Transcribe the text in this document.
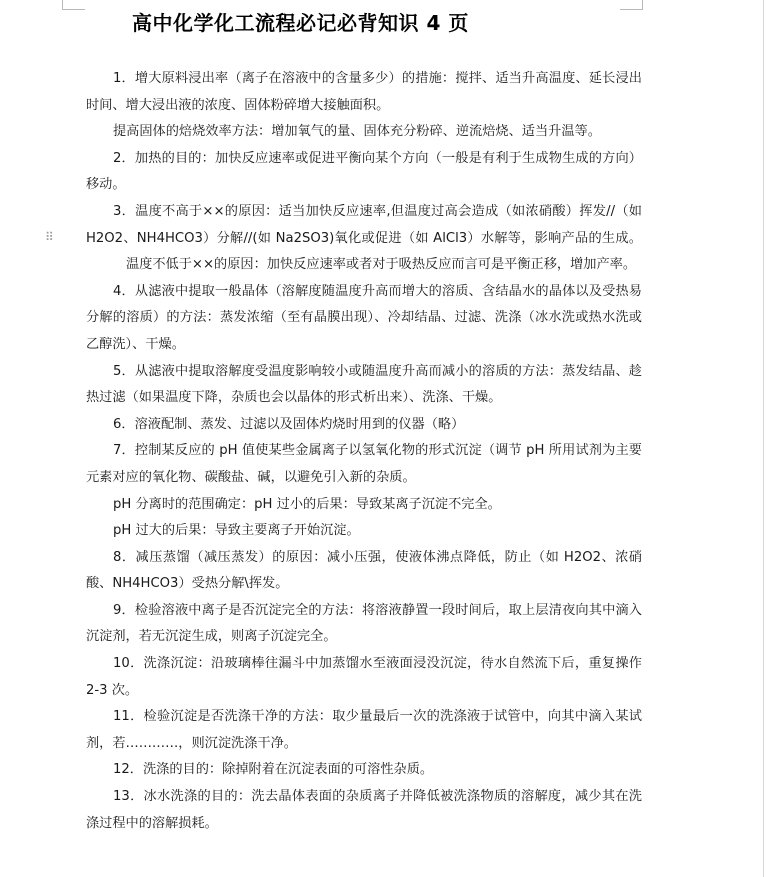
⠿
高中化学化工流程必记必背知识 4 页

1．增大原料浸出率（离子在溶液中的含量多少）的措施：搅拌、适当升高温度、延长浸出时间、增大浸出液的浓度、固体粉碎增大接触面积。

提高固体的焙烧效率方法：增加氧气的量、固体充分粉碎、逆流焙烧、适当升温等。

2．加热的目的：加快反应速率或促进平衡向某个方向（一般是有利于生成物生成的方向）移动。

3．温度不高于××的原因：适当加快反应速率,但温度过高会造成（如浓硝酸）挥发//（如 H2O2、NH4HCO3）分解//(如 Na2SO3)氧化或促进（如 AlCl3）水解等，影响产品的生成。温度不低于××的原因：加快反应速率或者对于吸热反应而言可是平衡正移，增加产率。

4．从滤液中提取一般晶体（溶解度随温度升高而增大的溶质、含结晶水的晶体以及受热易分解的溶质）的方法：蒸发浓缩（至有晶膜出现）、冷却结晶、过滤、洗涤（冰水洗或热水洗或乙醇洗）、干燥。

5．从滤液中提取溶解度受温度影响较小或随温度升高而减小的溶质的方法：蒸发结晶、趁热过滤（如果温度下降，杂质也会以晶体的形式析出来）、洗涤、干燥。

6．溶液配制、蒸发、过滤以及固体灼烧时用到的仪器（略）

7．控制某反应的 pH 值使某些金属离子以氢氧化物的形式沉淀（调节 pH 所用试剂为主要元素对应的氧化物、碳酸盐、碱，以避免引入新的杂质。

pH 分离时的范围确定：pH 过小的后果：导致某离子沉淀不完全。

pH 过大的后果：导致主要离子开始沉淀。

8．减压蒸馏（减压蒸发）的原因：减小压强，使液体沸点降低，防止（如 H2O2、浓硝酸、NH4HCO3）受热分解\挥发。

9．检验溶液中离子是否沉淀完全的方法：将溶液静置一段时间后，取上层清夜向其中滴入沉淀剂，若无沉淀生成，则离子沉淀完全。

10．洗涤沉淀：沿玻璃棒往漏斗中加蒸馏水至液面浸没沉淀，待水自然流下后，重复操作 2-3 次。

11．检验沉淀是否洗涤干净的方法：取少量最后一次的洗涤液于试管中，向其中滴入某试剂，若…………，则沉淀洗涤干净。

12．洗涤的目的：除掉附着在沉淀表面的可溶性杂质。

13．冰水洗涤的目的：洗去晶体表面的杂质离子并降低被洗涤物质的溶解度，减少其在洗涤过程中的溶解损耗。
